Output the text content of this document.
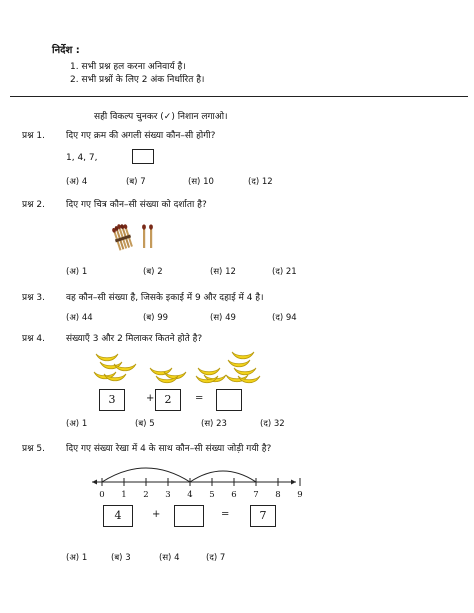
निर्देश :
1. सभी प्रश्न हल करना अनिवार्य है।
2. सभी प्रश्नों के लिए 2 अंक निर्धारित है।
सही विकल्प चुनकर (✓) निशान लगाओ।
प्रश्न 1. दिए गए क्रम की अगली संख्या कौन–सी होगी?
1, 4, 7,
(अ) 4	(ब) 7	(स) 10	(द) 12
प्रश्न 2. दिए गए चित्र कौन–सी संख्या को दर्शाता है?
(अ) 1	(ब) 2	(स) 12	(द) 21
प्रश्न 3. वह कौन–सी संख्या है, जिसके इकाई में 9 और दहाई में 4 है।
(अ) 44	(ब) 99	(स) 49	(द) 94
प्रश्न 4. संख्याएँ 3 और 2 मिलाकर कितने होते है?
3	+ 2	=
(अ) 1	(ब) 5	(स) 23	(द) 32
प्रश्न 5. दिए गए संख्या रेखा में 4 के साथ कौन–सी संख्या जोड़ी गयी है?
0 1 2 3 4 5 6 7 8 9
4	+	=	7
(अ) 1	(ब) 3	(स) 4	(द) 7
